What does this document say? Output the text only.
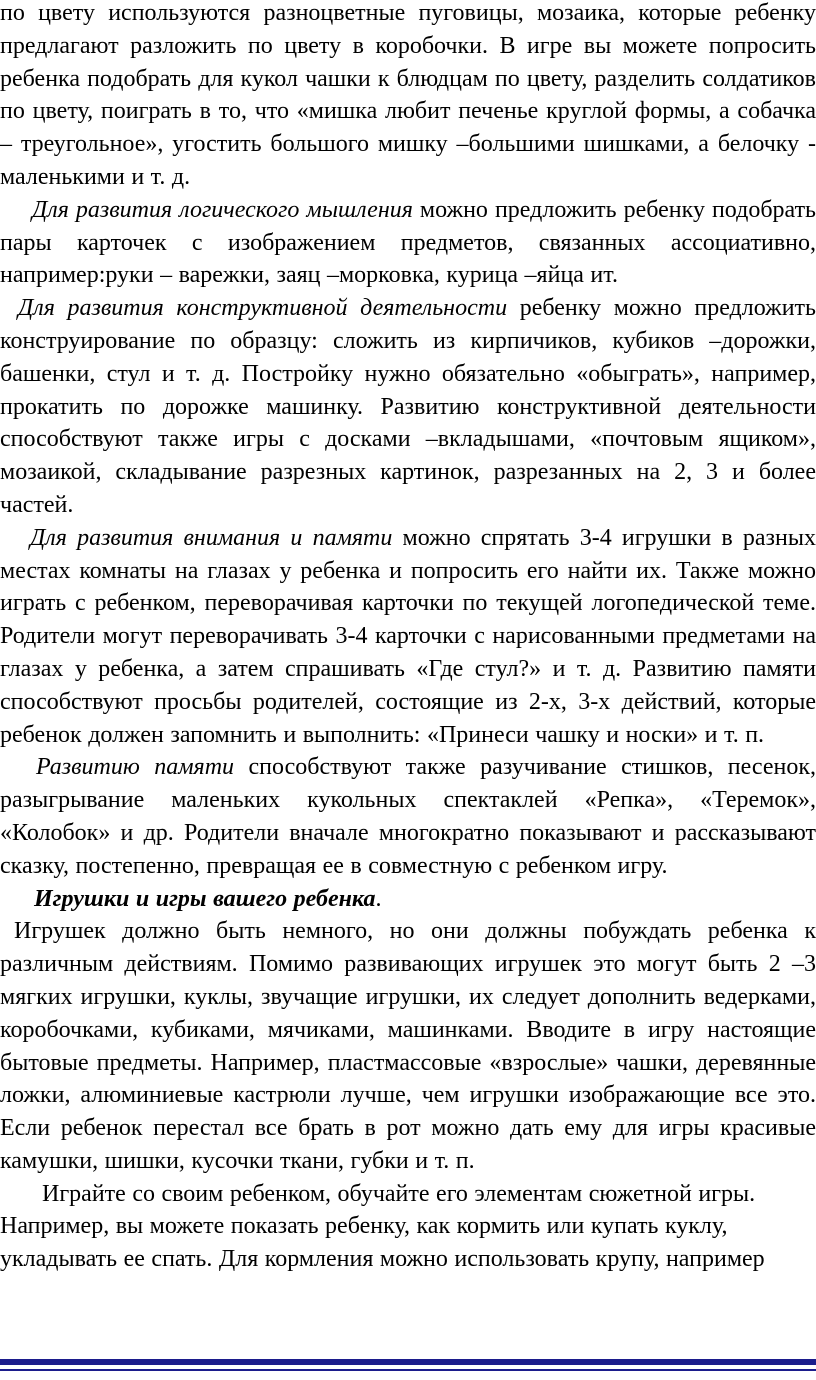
по цвету используются разноцветные пуговицы, мозаика, которые ребенку предлагают разложить по цвету в коробочки. В игре вы можете попросить ребенка подобрать для кукол чашки к блюдцам по цвету, разделить солдатиков по цвету, поиграть в то, что «мишка любит печенье круглой формы, а собачка – треугольное», угостить большого мишку –большими шишками, а белочку - маленькими и т. д.

Для развития логического мышления можно предложить ребенку подобрать пары карточек с изображением предметов, связанных ассоциативно, например:руки – варежки, заяц –морковка, курица –яйца ит.

Для развития конструктивной деятельности ребенку можно предложить конструирование по образцу: сложить из кирпичиков, кубиков –дорожки, башенки, стул и т. д. Постройку нужно обязательно «обыграть», например, прокатить по дорожке машинку. Развитию конструктивной деятельности способствуют также игры с досками –вкладышами, «почтовым ящиком», мозаикой, складывание разрезных картинок, разрезанных на 2, 3 и более частей.

Для развития внимания и памяти можно спрятать 3-4 игрушки в разных местах комнаты на глазах у ребенка и попросить его найти их. Также можно играть с ребенком, переворачивая карточки по текущей логопедической теме. Родители могут переворачивать 3-4 карточки с нарисованными предметами на глазах у ребенка, а затем спрашивать «Где стул?» и т. д. Развитию памяти способствуют просьбы родителей, состоящие из 2-х, 3-х действий, которые ребенок должен запомнить и выполнить: «Принеси чашку и носки» и т. п.

Развитию памяти способствуют также разучивание стишков, песенок, разыгрывание маленьких кукольных спектаклей «Репка», «Теремок», «Колобок» и др. Родители вначале многократно показывают и рассказывают сказку, постепенно, превращая ее в совместную с ребенком игру.

Игрушки и игры вашего ребенка.

Игрушек должно быть немного, но они должны побуждать ребенка к различным действиям. Помимо развивающих игрушек это могут быть 2 –3 мягких игрушки, куклы, звучащие игрушки, их следует дополнить ведерками, коробочками, кубиками, мячиками, машинками. Вводите в игру настоящие бытовые предметы. Например, пластмассовые «взрослые» чашки, деревянные ложки, алюминиевые кастрюли лучше, чем игрушки изображающие все это. Если ребенок перестал все брать в рот можно дать ему для игры красивые камушки, шишки, кусочки ткани, губки и т. п.

Играйте со своим ребенком, обучайте его элементам сюжетной игры.

Например, вы можете показать ребенку, как кормить или купать куклу,

укладывать ее спать. Для кормления можно использовать крупу, например
